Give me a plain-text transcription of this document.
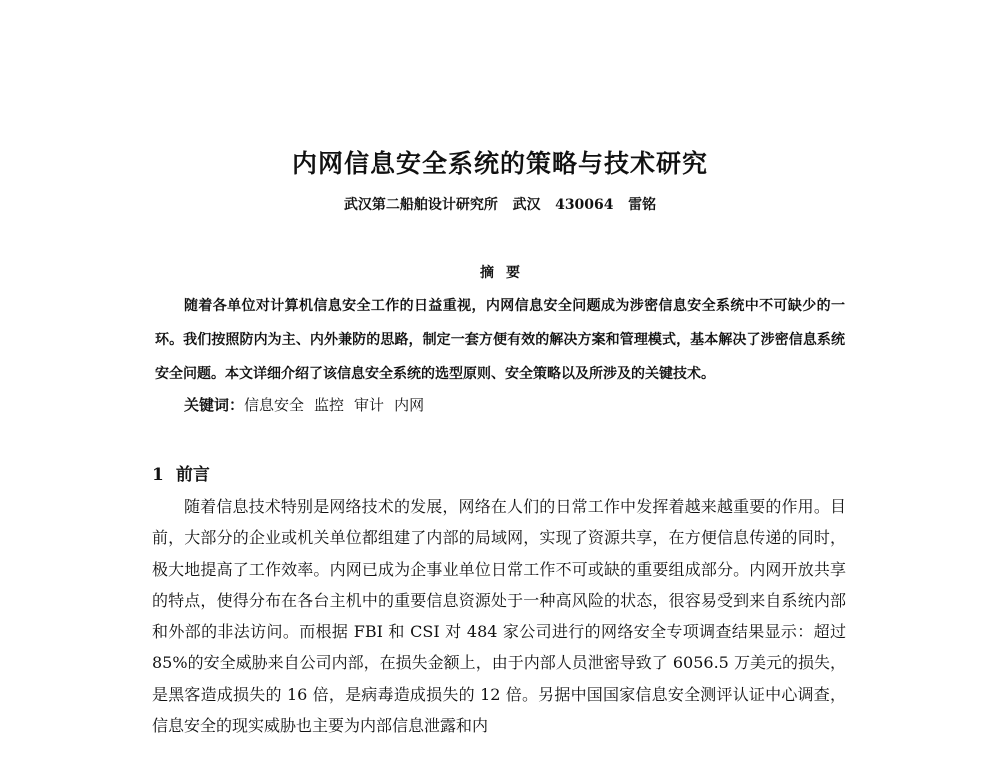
内网信息安全系统的策略与技术研究
武汉第二船舶设计研究所   武汉   430064   雷铭
摘要

随着各单位对计算机信息安全工作的日益重视，内网信息安全问题成为涉密信息安全系统中不可缺少的一环。我们按照防内为主、内外兼防的思路，制定一套方便有效的解决方案和管理模式，基本解决了涉密信息系统安全问题。本文详细介绍了该信息安全系统的选型原则、安全策略以及所涉及的关键技术。

关键词：信息安全 监控 审计 内网
1 前言

随着信息技术特别是网络技术的发展，网络在人们的日常工作中发挥着越来越重要的作用。目前，大部分的企业或机关单位都组建了内部的局域网，实现了资源共享，在方便信息传递的同时，极大地提高了工作效率。内网已成为企事业单位日常工作不可或缺的重要组成部分。内网开放共享的特点，使得分布在各台主机中的重要信息资源处于一种高风险的状态，很容易受到来自系统内部和外部的非法访问。而根据 FBI 和 CSI 对 484 家公司进行的网络安全专项调查结果显示：超过 85%的安全威胁来自公司内部，在损失金额上，由于内部人员泄密导致了 6056.5 万美元的损失，是黑客造成损失的 16 倍，是病毒造成损失的 12 倍。另据中国国家信息安全测评认证中心调查，信息安全的现实威胁也主要为内部信息泄露和内
